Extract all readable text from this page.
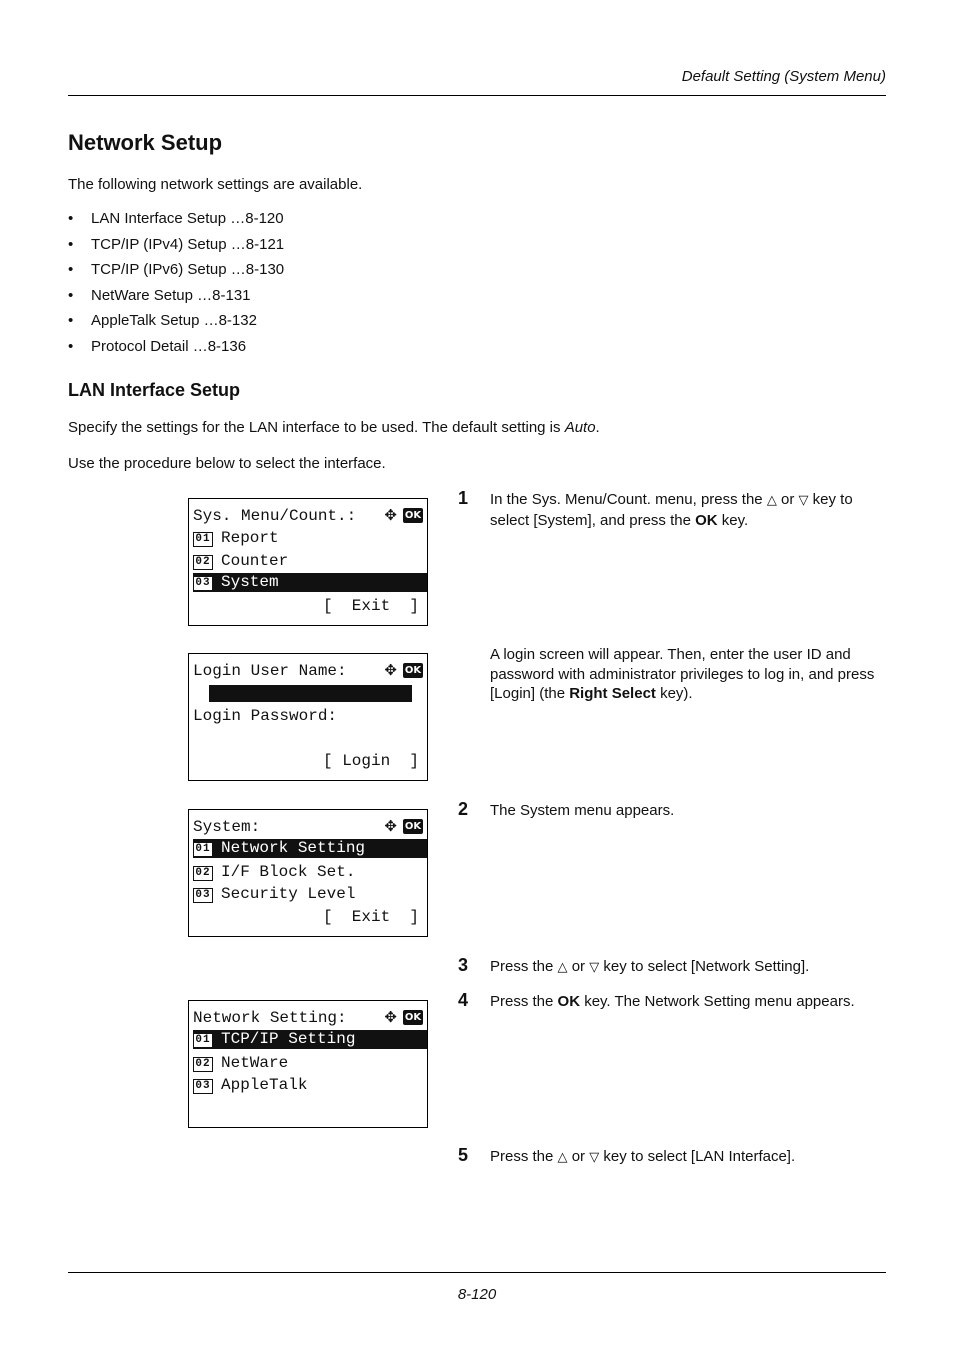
Default Setting (System Menu)
Network Setup
The following network settings are available.
• LAN Interface Setup …8-120
• TCP/IP (IPv4) Setup …8-121
• TCP/IP (IPv6) Setup …8-130
• NetWare Setup …8-131
• AppleTalk Setup …8-132
• Protocol Detail …8-136
LAN Interface Setup
Specify the settings for the LAN interface to be used. The default setting is Auto.
Use the procedure below to select the interface.
Sys. Menu/Count.:	✥ OK
01 Report
02 Counter
03 System
[  Exit  ]
Login User Name:	✥ OK
Login Password:
[ Login  ]
System:	✥ OK
01 Network Setting
02 I/F Block Set.
03 Security Level
[  Exit  ]
Network Setting:	✥ OK
01 TCP/IP Setting
02 NetWare
03 AppleTalk
1 In the Sys. Menu/Count. menu, press the △ or ▽ key to select [System], and press the OK key.
A login screen will appear. Then, enter the user ID and password with administrator privileges to log in, and press [Login] (the Right Select key).
2 The System menu appears.
3 Press the △ or ▽ key to select [Network Setting].
4 Press the OK key. The Network Setting menu appears.
5 Press the △ or ▽ key to select [LAN Interface].
8-120
